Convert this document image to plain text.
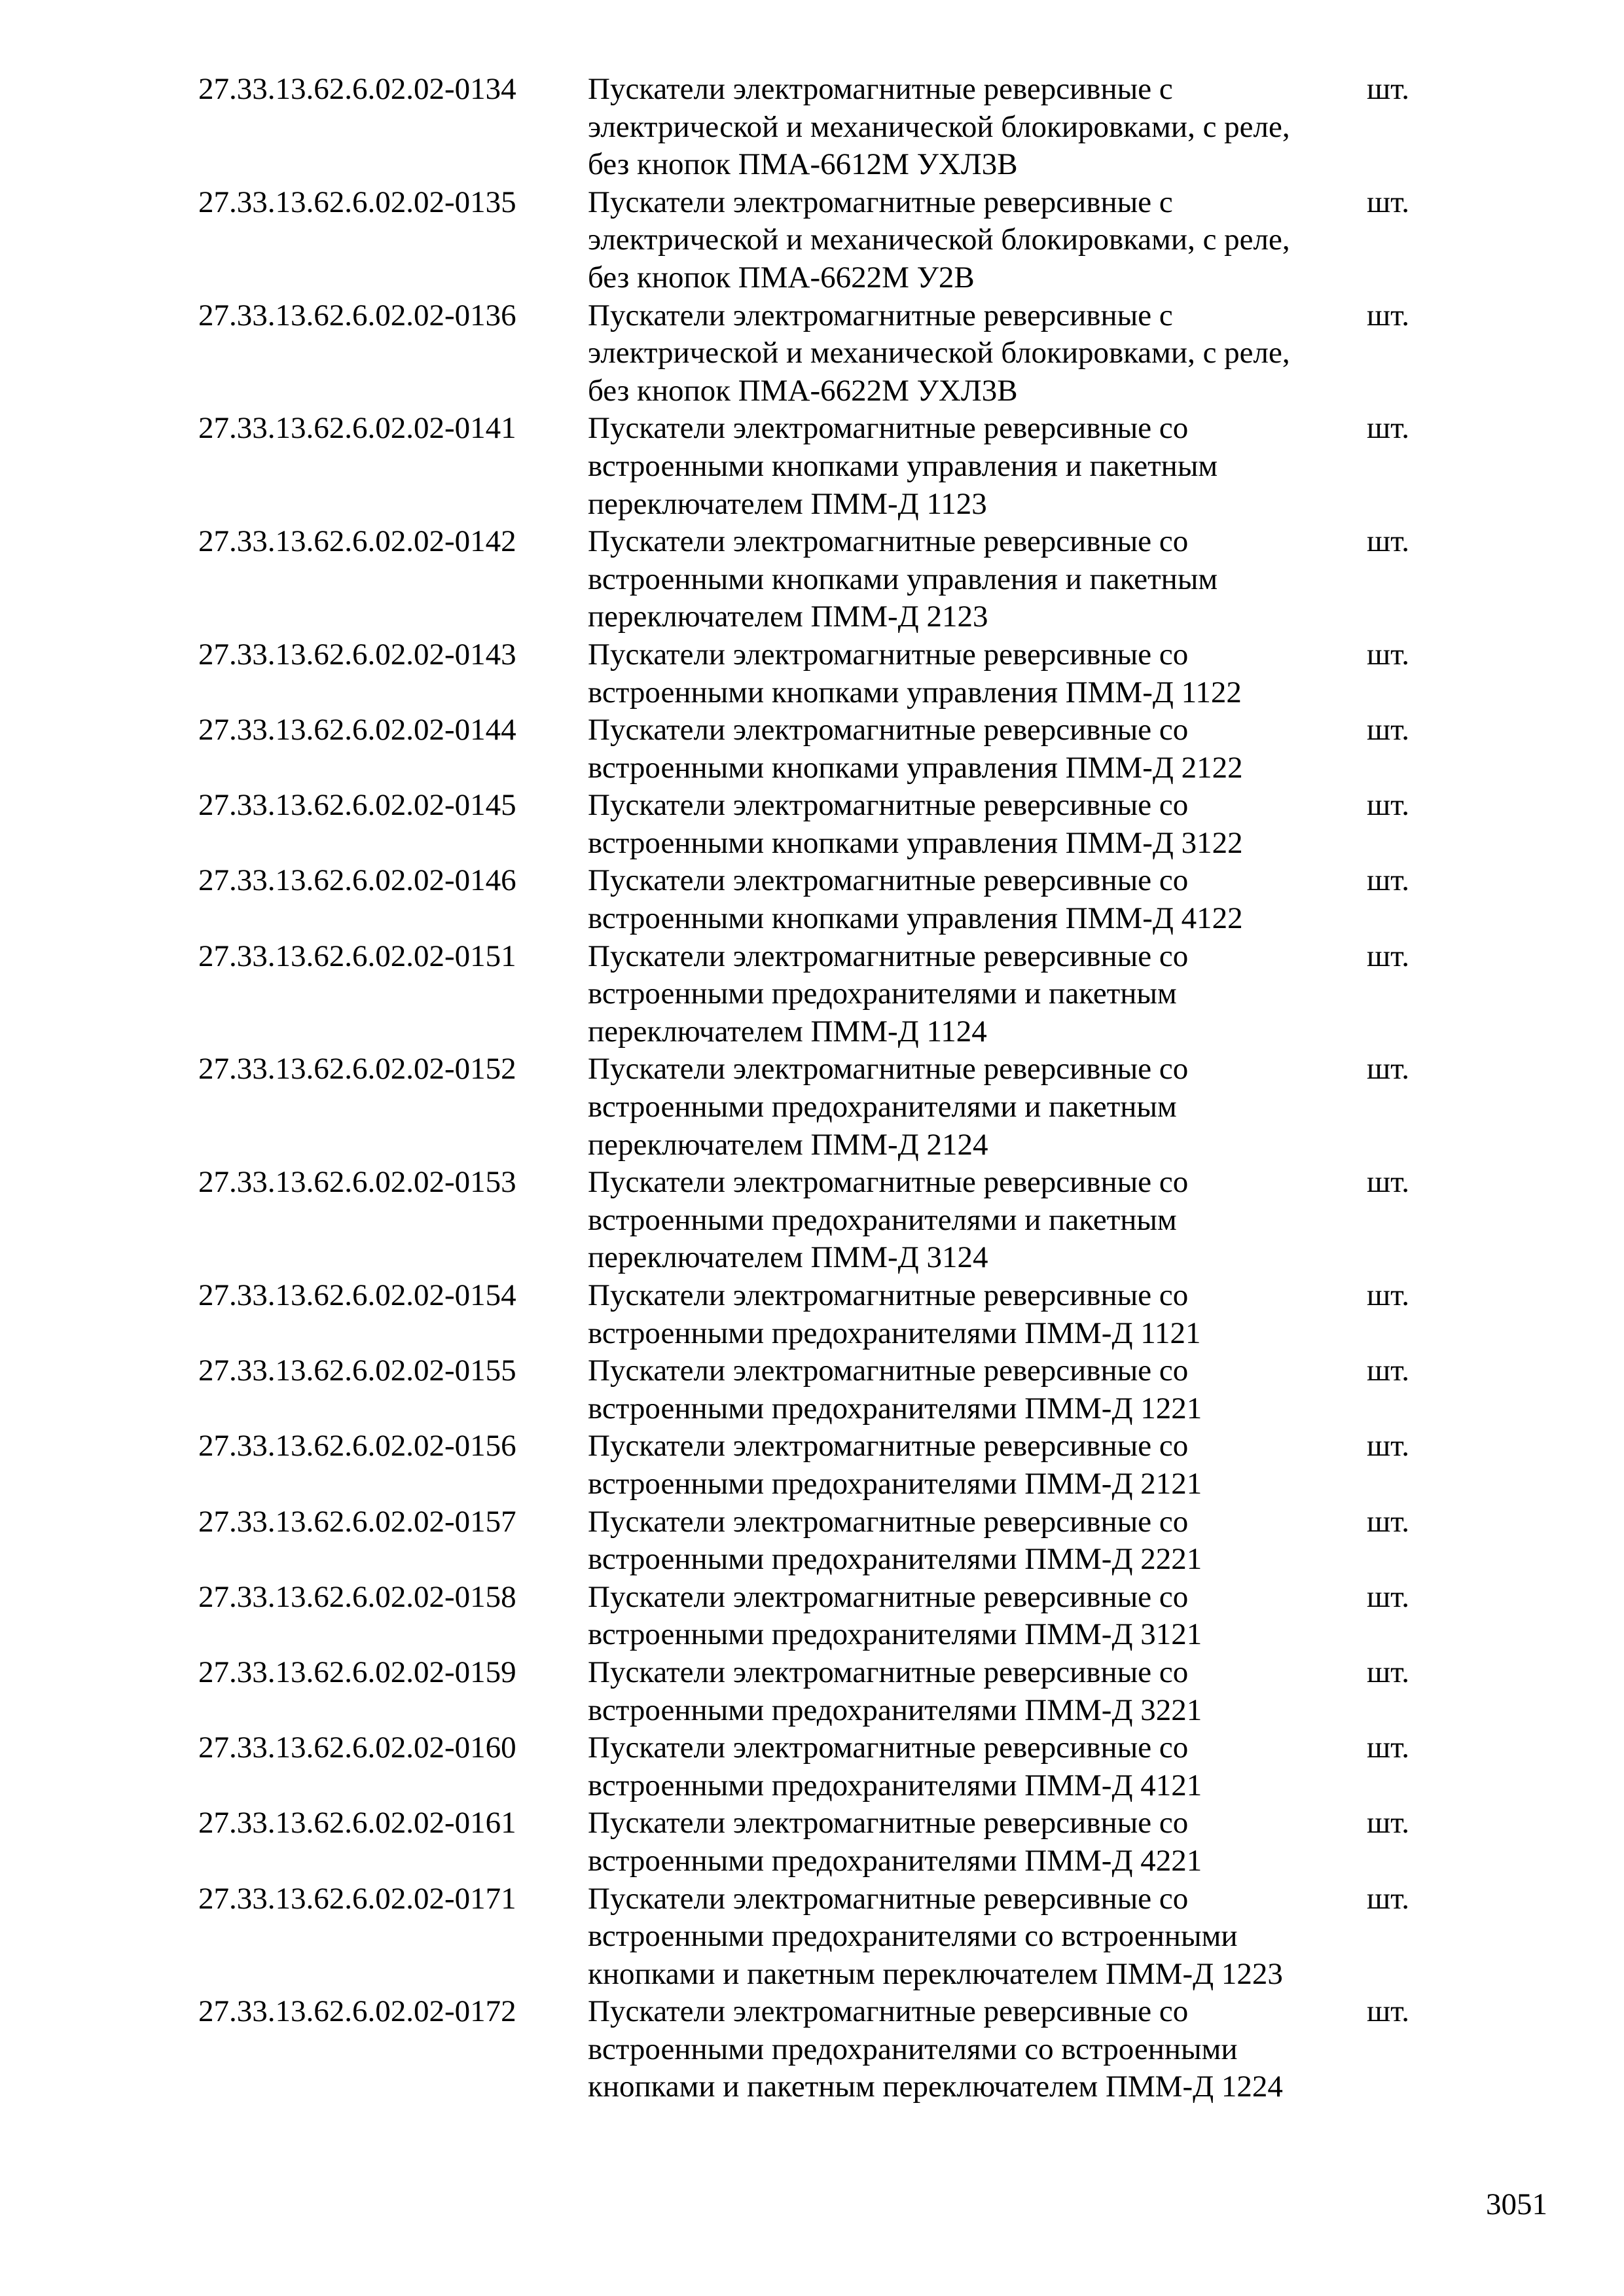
27.33.13.62.6.02.02-0134 Пускатели электромагнитные реверсивные с
электрической и механической блокировками, с реле,
без кнопок ПМА-6612М УХЛ3В
шт.
27.33.13.62.6.02.02-0135 Пускатели электромагнитные реверсивные с
электрической и механической блокировками, с реле,
без кнопок ПМА-6622М У2В
шт.
27.33.13.62.6.02.02-0136 Пускатели электромагнитные реверсивные с
электрической и механической блокировками, с реле,
без кнопок ПМА-6622М УХЛ3В
шт.
27.33.13.62.6.02.02-0141 Пускатели электромагнитные реверсивные со
встроенными кнопками управления и пакетным
переключателем ПММ-Д 1123
шт.
27.33.13.62.6.02.02-0142 Пускатели электромагнитные реверсивные со
встроенными кнопками управления и пакетным
переключателем ПММ-Д 2123
шт.
27.33.13.62.6.02.02-0143 Пускатели электромагнитные реверсивные со
встроенными кнопками управления ПММ-Д 1122
шт.
27.33.13.62.6.02.02-0144 Пускатели электромагнитные реверсивные со
встроенными кнопками управления ПММ-Д 2122
шт.
27.33.13.62.6.02.02-0145 Пускатели электромагнитные реверсивные со
встроенными кнопками управления ПММ-Д 3122
шт.
27.33.13.62.6.02.02-0146 Пускатели электромагнитные реверсивные со
встроенными кнопками управления ПММ-Д 4122
шт.
27.33.13.62.6.02.02-0151 Пускатели электромагнитные реверсивные со
встроенными предохранителями и пакетным
переключателем ПММ-Д 1124
шт.
27.33.13.62.6.02.02-0152 Пускатели электромагнитные реверсивные со
встроенными предохранителями и пакетным
переключателем ПММ-Д 2124
шт.
27.33.13.62.6.02.02-0153 Пускатели электромагнитные реверсивные со
встроенными предохранителями и пакетным
переключателем ПММ-Д 3124
шт.
27.33.13.62.6.02.02-0154 Пускатели электромагнитные реверсивные со
встроенными предохранителями ПММ-Д 1121
шт.
27.33.13.62.6.02.02-0155 Пускатели электромагнитные реверсивные со
встроенными предохранителями ПММ-Д 1221
шт.
27.33.13.62.6.02.02-0156 Пускатели электромагнитные реверсивные со
встроенными предохранителями ПММ-Д 2121
шт.
27.33.13.62.6.02.02-0157 Пускатели электромагнитные реверсивные со
встроенными предохранителями ПММ-Д 2221
шт.
27.33.13.62.6.02.02-0158 Пускатели электромагнитные реверсивные со
встроенными предохранителями ПММ-Д 3121
шт.
27.33.13.62.6.02.02-0159 Пускатели электромагнитные реверсивные со
встроенными предохранителями ПММ-Д 3221
шт.
27.33.13.62.6.02.02-0160 Пускатели электромагнитные реверсивные со
встроенными предохранителями ПММ-Д 4121
шт.
27.33.13.62.6.02.02-0161 Пускатели электромагнитные реверсивные со
встроенными предохранителями ПММ-Д 4221
шт.
27.33.13.62.6.02.02-0171 Пускатели электромагнитные реверсивные со
встроенными предохранителями со встроенными
кнопками и пакетным переключателем ПММ-Д 1223
шт.
27.33.13.62.6.02.02-0172 Пускатели электромагнитные реверсивные со
встроенными предохранителями со встроенными
кнопками и пакетным переключателем ПММ-Д 1224
шт.
3051
